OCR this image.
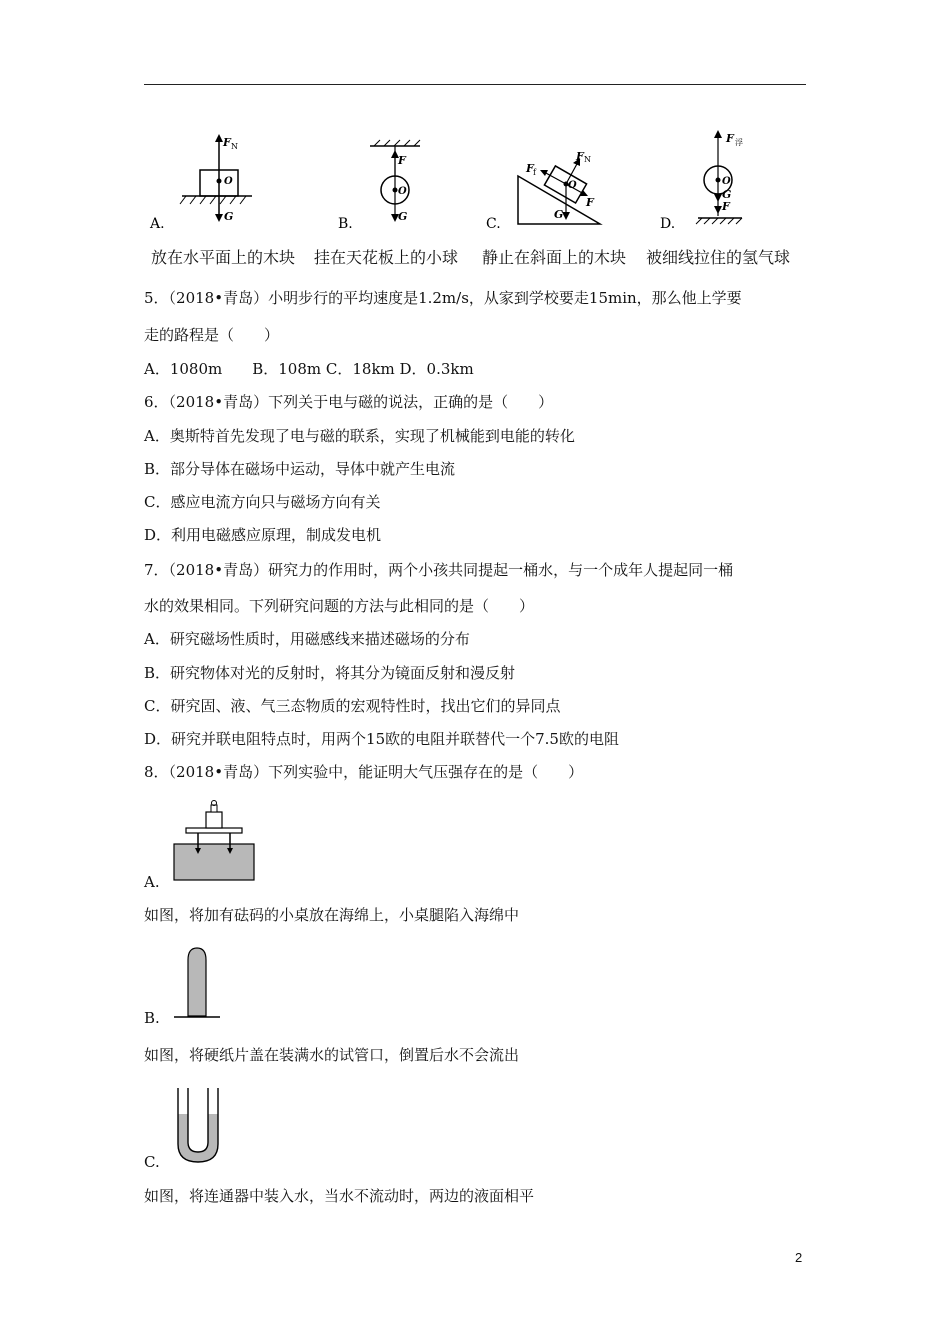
A.
F N
O
G	B.
F
O
G	C.
F f
F N
O
G
F
D.
F 浮
O
G
F
放在水平面上的木块 挂在天花板上的小球 静止在斜面上的木块 被细线拉住的氢气球
5．（2018•青岛）小明步行的平均速度是1.2m/s，从家到学校要走15min，那么他上学要
走的路程是（　　）
A．1080m　　B．108m C．18km D．0.3km
6．（2018•青岛）下列关于电与磁的说法，正确的是（　　）
A．奥斯特首先发现了电与磁的联系，实现了机械能到电能的转化
B．部分导体在磁场中运动，导体中就产生电流
C．感应电流方向只与磁场方向有关
D．利用电磁感应原理，制成发电机
7．（2018•青岛）研究力的作用时，两个小孩共同提起一桶水，与一个成年人提起同一桶
水的效果相同。下列研究问题的方法与此相同的是（　　）
A．研究磁场性质时，用磁感线来描述磁场的分布
B．研究物体对光的反射时，将其分为镜面反射和漫反射
C．研究固、液、气三态物质的宏观特性时，找出它们的异同点
D．研究并联电阻特点时，用两个15欧的电阻并联替代一个7.5欧的电阻
8．（2018•青岛）下列实验中，能证明大气压强存在的是（　　）
A.
如图，将加有砝码的小桌放在海绵上，小桌腿陷入海绵中
B.
如图，将硬纸片盖在装满水的试管口，倒置后水不会流出
C.
如图，将连通器中装入水，当水不流动时，两边的液面相平
2
